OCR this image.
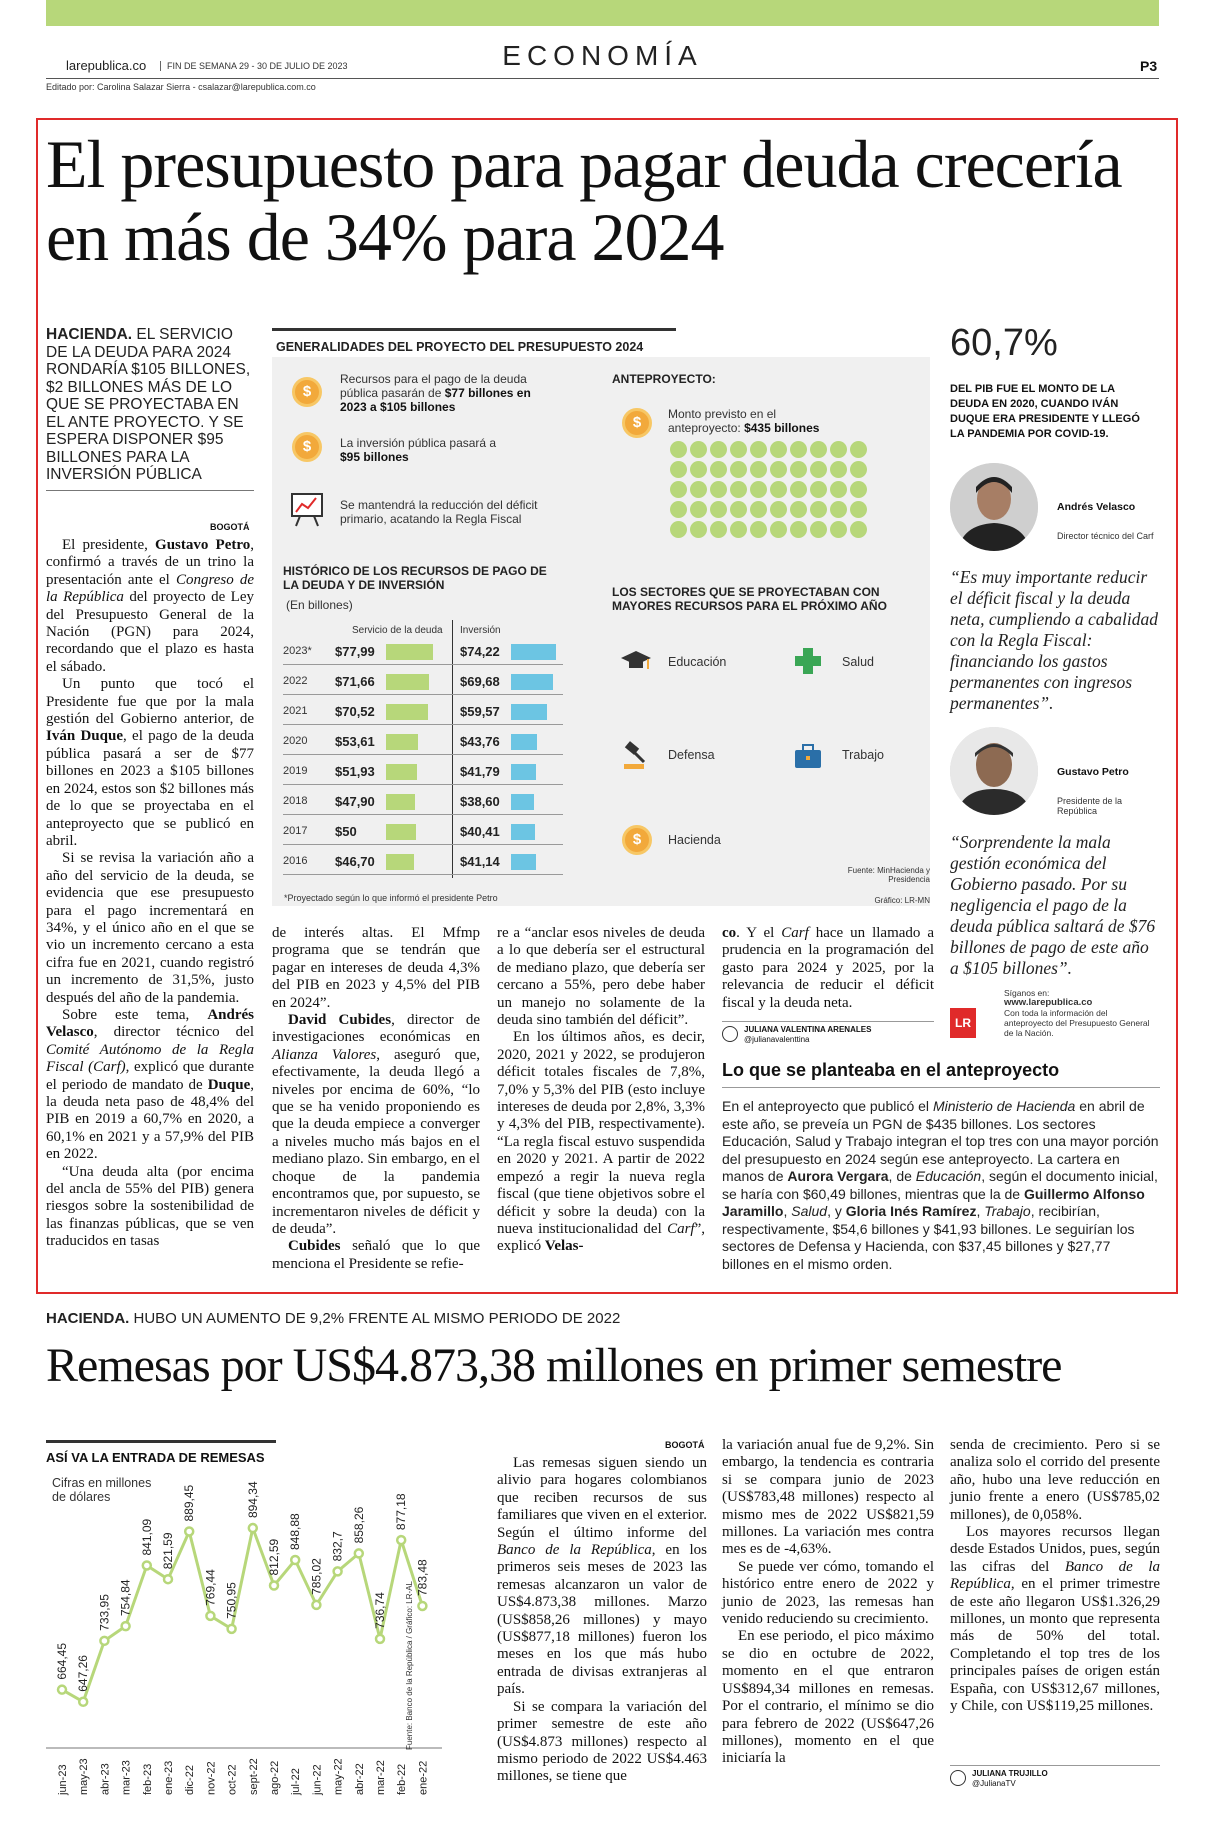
larepublica.co	FIN DE SEMANA 29 - 30 DE JULIO DE 2023	ECONOMÍA	P3
Editado por: Carolina Salazar Sierra - csalazar@larepublica.com.co
El presupuesto para pagar deuda crecería en más de 34% para 2024
HACIENDA. EL SERVICIO DE LA DEUDA PARA 2024 RONDARÍA $105 BILLONES, $2 BILLONES MÁS DE LO QUE SE PROYECTABA EN EL ANTE PROYECTO. Y SE ESPERA DISPONER $95 BILLONES PARA LA INVERSIÓN PÚBLICA
BOGOTÁ

El presidente, Gustavo Petro, confirmó a través de un trino la presentación ante el Congreso de la República del proyecto de Ley del Presupuesto General de la Nación (PGN) para 2024, recordando que el plazo es hasta el sábado.

Un punto que tocó el Presidente fue que por la mala gestión del Gobierno anterior, de Iván Duque, el pago de la deuda pública pasará a ser de $77 billones en 2023 a $105 billones en 2024, estos son $2 billones más de lo que se proyectaba en el anteproyecto que se publicó en abril.

Si se revisa la variación año a año del servicio de la deuda, se evidencia que ese presupuesto para el pago incrementará en 34%, y el único año en el que se vio un incremento cercano a esta cifra fue en 2021, cuando registró un incremento de 31,5%, justo después del año de la pandemia.

Sobre este tema, Andrés Velasco, director técnico del Comité Autónomo de la Regla Fiscal (Carf), explicó que durante el periodo de mandato de Duque, la deuda neta paso de 48,4% del PIB en 2019 a 60,7% en 2020, a 60,1% en 2021 y a 57,9% del PIB en 2022.

“Una deuda alta (por encima del ancla de 55% del PIB) genera riesgos sobre la sostenibilidad de las finanzas públicas, que se ven traducidos en tasas

de interés altas. El Mfmp programa que se tendrán que pagar en intereses de deuda 4,3% del PIB en 2023 y 4,5% del PIB en 2024”.

David Cubides, director de investigaciones económicas en Alianza Valores, aseguró que, efectivamente, la deuda llegó a niveles por encima de 60%, “lo que se ha venido proponiendo es que la deuda empiece a converger a niveles mucho más bajos en el mediano plazo. Sin embargo, en el choque de la pandemia encontramos que, por supuesto, se incrementaron niveles de déficit y de deuda”.

Cubides señaló que lo que menciona el Presidente se refie-

re a “anclar esos niveles de deuda a lo que debería ser el estructural de mediano plazo, que debería ser cercano a 55%, pero debe haber un manejo no solamente de la deuda sino también del déficit”.

En los últimos años, es decir, 2020, 2021 y 2022, se produjeron déficit totales fiscales de 7,8%, 7,0% y 5,3% del PIB (esto incluye intereses de deuda por 2,8%, 3,3% y 4,3% del PIB, respectivamente). “La regla fiscal estuvo suspendida en 2020 y 2021. A partir de 2022 empezó a regir la nueva regla fiscal (que tiene objetivos sobre el déficit y sobre la deuda) con la nueva institucionalidad del Carf”, explicó Velas-

co. Y el Carf hace un llamado a prudencia en la programación del gasto para 2024 y 2025, por la relevancia de reducir el déficit fiscal y la deuda neta.

JULIANA VALENTINA ARENALES
@julianavalenttina
GENERALIDADES DEL PROYECTO DEL PRESUPUESTO 2024
$
Recursos para el pago de la deuda pública pasarán de $77 billones en 2023 a $105 billones
$
La inversión pública pasará a $95 billones
Se mantendrá la reducción del déficit primario, acatando la Regla Fiscal
ANTEPROYECTO:
$
Monto previsto en el anteproyecto: $435 billones
HISTÓRICO DE LOS RECURSOS DE PAGO DE LA DEUDA Y DE INVERSIÓN
(En billones)
Servicio de la deuda Inversión
2023* $77,99	$74,22
2022 $71,66	$69,68
2021 $70,52	$59,57
2020 $53,61	$43,76
2019 $51,93	$41,79
2018 $47,90	$38,60
2017 $50	$40,41
2016 $46,70	$41,14
*Proyectado según lo que informó el presidente Petro
LOS SECTORES QUE SE PROYECTABAN CON MAYORES RECURSOS PARA EL PRÓXIMO AÑO
Educación	Salud
Defensa	Trabajo
$
Hacienda
Fuente: MinHacienda y Presidencia
Gráfico: LR-MN
60,7%
DEL PIB FUE EL MONTO DE LA DEUDA EN 2020, CUANDO IVÁN DUQUE ERA PRESIDENTE Y LLEGÓ LA PANDEMIA POR COVID-19.
Andrés Velasco
Director técnico del Carf
“Es muy importante reducir el déficit fiscal y la deuda neta, cumpliendo a cabalidad con la Regla Fiscal: financiando los gastos permanentes con ingresos permanentes”.
Gustavo Petro
Presidente de la República
“Sorprendente la mala gestión económica del Gobierno pasado. Por su negligencia el pago de la deuda pública saltará de $76 billones de pago de este año a $105 billones”.
LR
Síganos en:
www.larepublica.co
Con toda la información del anteproyecto del Presupuesto General de la Nación.
Lo que se planteaba en el anteproyecto
En el anteproyecto que publicó el Ministerio de Hacienda en abril de este año, se preveía un PGN de $435 billones. Los sectores Educación, Salud y Trabajo integran el top tres con una mayor porción del presupuesto en 2024 según ese anteproyecto. La cartera en manos de Aurora Vergara, de Educación, según el documento inicial, se haría con $60,49 billones, mientras que la de Guillermo Alfonso Jaramillo, Salud, y Gloria Inés Ramírez, Trabajo, recibirían, respectivamente, $54,6 billones y $41,93 billones. Le seguirían los sectores de Defensa y Hacienda, con $37,45 billones y $27,77 billones en el mismo orden.
HACIENDA. HUBO UN AUMENTO DE 9,2% FRENTE AL MISMO PERIODO DE 2022
Remesas por US$4.873,38 millones en primer semestre
ASÍ VA LA ENTRADA DE REMESAS
Cifras en millones de dólares
664,45
jun-23
647,26
may-23
733,95
abr-23
754,84
mar-23
841,09
feb-23
821,59
ene-23
889,45
dic-22
769,44
nov-22
750,95
oct-22
894,34
sept-22
812,59
ago-22
848,88
jul-22
785,02
jun-22
832,7
may-22
858,26
abr-22
736,74
mar-22
877,18
feb-22
783,48
ene-22
Fuente: Banco de la República / Gráfico: LR-AL
BOGOTÁ

Las remesas siguen siendo un alivio para hogares colombianos que reciben recursos de sus familiares que viven en el exterior. Según el último informe del Banco de la República, en los primeros seis meses de 2023 las remesas alcanzaron un valor de US$4.873,38 millones. Marzo (US$858,26 millones) y mayo (US$877,18 millones) fueron los meses en los que más hubo entrada de divisas extranjeras al país.

Si se compara la variación del primer semestre de este año (US$4.873 millones) respecto al mismo periodo de 2022 US$4.463 millones, se tiene que

la variación anual fue de 9,2%. Sin embargo, la tendencia es contraria si se compara junio de 2023 (US$783,48 millones) respecto al mismo mes de 2022 US$821,59 millones. La variación mes contra mes es de -4,63%.

Se puede ver cómo, tomando el histórico entre enero de 2022 y junio de 2023, las remesas han venido reduciendo su crecimiento.

En ese periodo, el pico máximo se dio en octubre de 2022, momento en el que entraron US$894,34 millones en remesas. Por el contrario, el mínimo se dio para febrero de 2022 (US$647,26 millones), momento en el que iniciaría la

senda de crecimiento. Pero si se analiza solo el corrido del presente año, hubo una leve reducción en junio frente a enero (US$785,02 millones), de 0,058%.

Los mayores recursos llegan desde Estados Unidos, pues, según las cifras del Banco de la República, en el primer trimestre de este año llegaron US$1.326,29 millones, un monto que representa más de 50% del total. Completando el top tres de los principales países de origen están España, con US$312,67 millones, y Chile, con US$119,25 millones.

JULIANA TRUJILLO
@JulianaTV
